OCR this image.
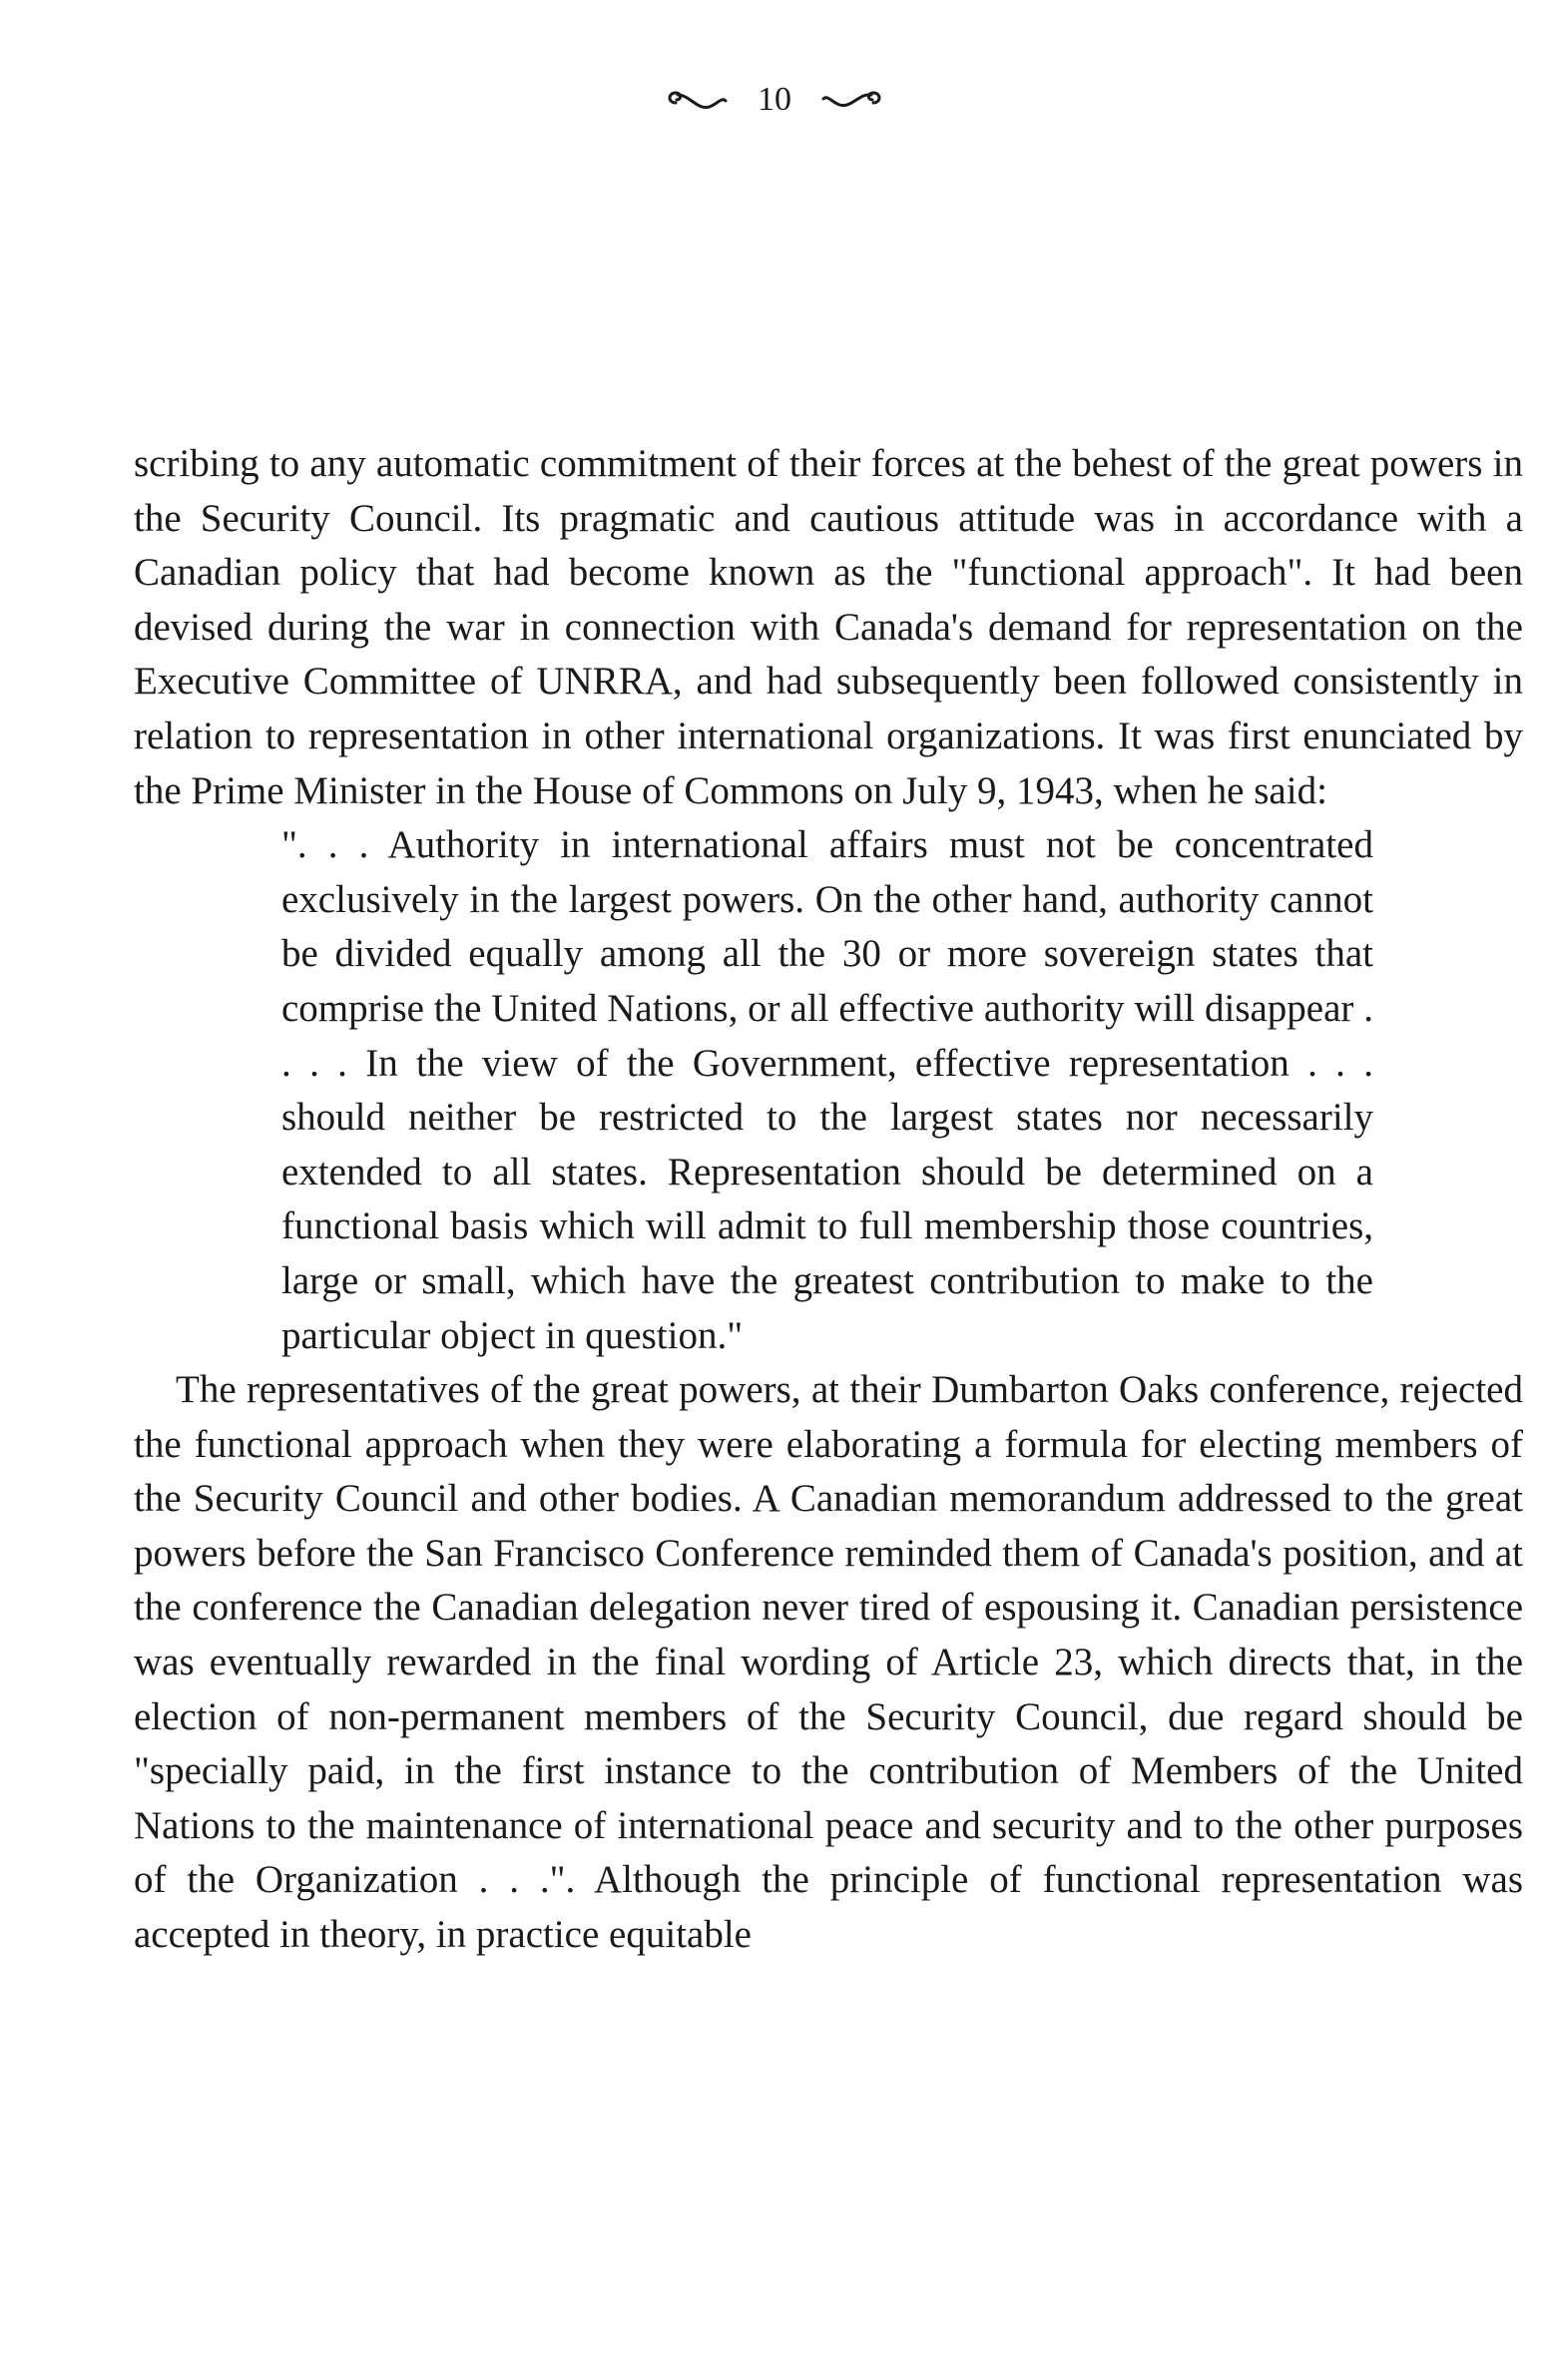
10

scribing to any automatic commitment of their forces at the behest of the great powers in the Security Council. Its pragmatic and cautious attitude was in accordance with a Canadian policy that had become known as the "functional approach". It had been devised during the war in connection with Canada's demand for representation on the Executive Committee of UNRRA, and had subsequently been followed consistently in relation to representation in other international organizations. It was first enunciated by the Prime Minister in the House of Commons on July 9, 1943, when he said:

". . . Authority in international affairs must not be concentrated exclusively in the largest powers. On the other hand, authority cannot be divided equally among all the 30 or more sovereign states that comprise the United Nations, or all effective authority will disappear . . . . In the view of the Government, effective representation . . . should neither be restricted to the largest states nor necessarily extended to all states. Representation should be determined on a functional basis which will admit to full membership those countries, large or small, which have the greatest contribution to make to the particular object in question."

The representatives of the great powers, at their Dumbarton Oaks conference, rejected the functional approach when they were elaborating a formula for electing members of the Security Council and other bodies. A Canadian memorandum addressed to the great powers before the San Francisco Conference reminded them of Canada's position, and at the conference the Canadian delegation never tired of espousing it. Canadian persistence was eventually rewarded in the final wording of Article 23, which directs that, in the election of non-permanent members of the Security Council, due regard should be "specially paid, in the first instance to the contribution of Members of the United Nations to the maintenance of international peace and security and to the other purposes of the Organization . . .". Although the principle of functional representation was accepted in theory, in practice equitable
